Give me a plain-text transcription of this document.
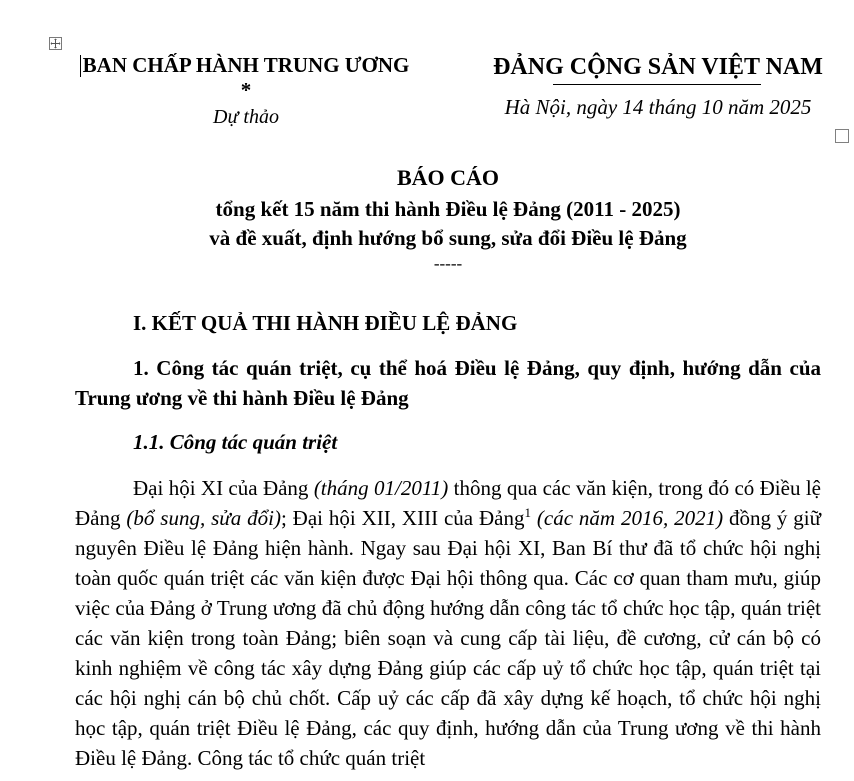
BAN CHẤP HÀNH TRUNG ƯƠNG
*
Dự thảo
ĐẢNG CỘNG SẢN VIỆT NAM
Hà Nội, ngày 14 tháng 10 năm 2025
BÁO CÁO
tổng kết 15 năm thi hành Điều lệ Đảng (2011 - 2025)
và đề xuất, định hướng bổ sung, sửa đổi Điều lệ Đảng
-----
I. KẾT QUẢ THI HÀNH ĐIỀU LỆ ĐẢNG
1. Công tác quán triệt, cụ thể hoá Điều lệ Đảng, quy định, hướng dẫn của Trung ương về thi hành Điều lệ Đảng
1.1. Công tác quán triệt
Đại hội XI của Đảng (tháng 01/2011) thông qua các văn kiện, trong đó có Điều lệ Đảng (bổ sung, sửa đổi); Đại hội XII, XIII của Đảng$^1$ (các năm 2016, 2021) đồng ý giữ nguyên Điều lệ Đảng hiện hành. Ngay sau Đại hội XI, Ban Bí thư đã tổ chức hội nghị toàn quốc quán triệt các văn kiện được Đại hội thông qua. Các cơ quan tham mưu, giúp việc của Đảng ở Trung ương đã chủ động hướng dẫn công tác tổ chức học tập, quán triệt các văn kiện trong toàn Đảng; biên soạn và cung cấp tài liệu, đề cương, cử cán bộ có kinh nghiệm về công tác xây dựng Đảng giúp các cấp uỷ tổ chức học tập, quán triệt tại các hội nghị cán bộ chủ chốt. Cấp uỷ các cấp đã xây dựng kế hoạch, tổ chức hội nghị học tập, quán triệt Điều lệ Đảng, các quy định, hướng dẫn của Trung ương về thi hành Điều lệ Đảng. Công tác tổ chức quán triệt
